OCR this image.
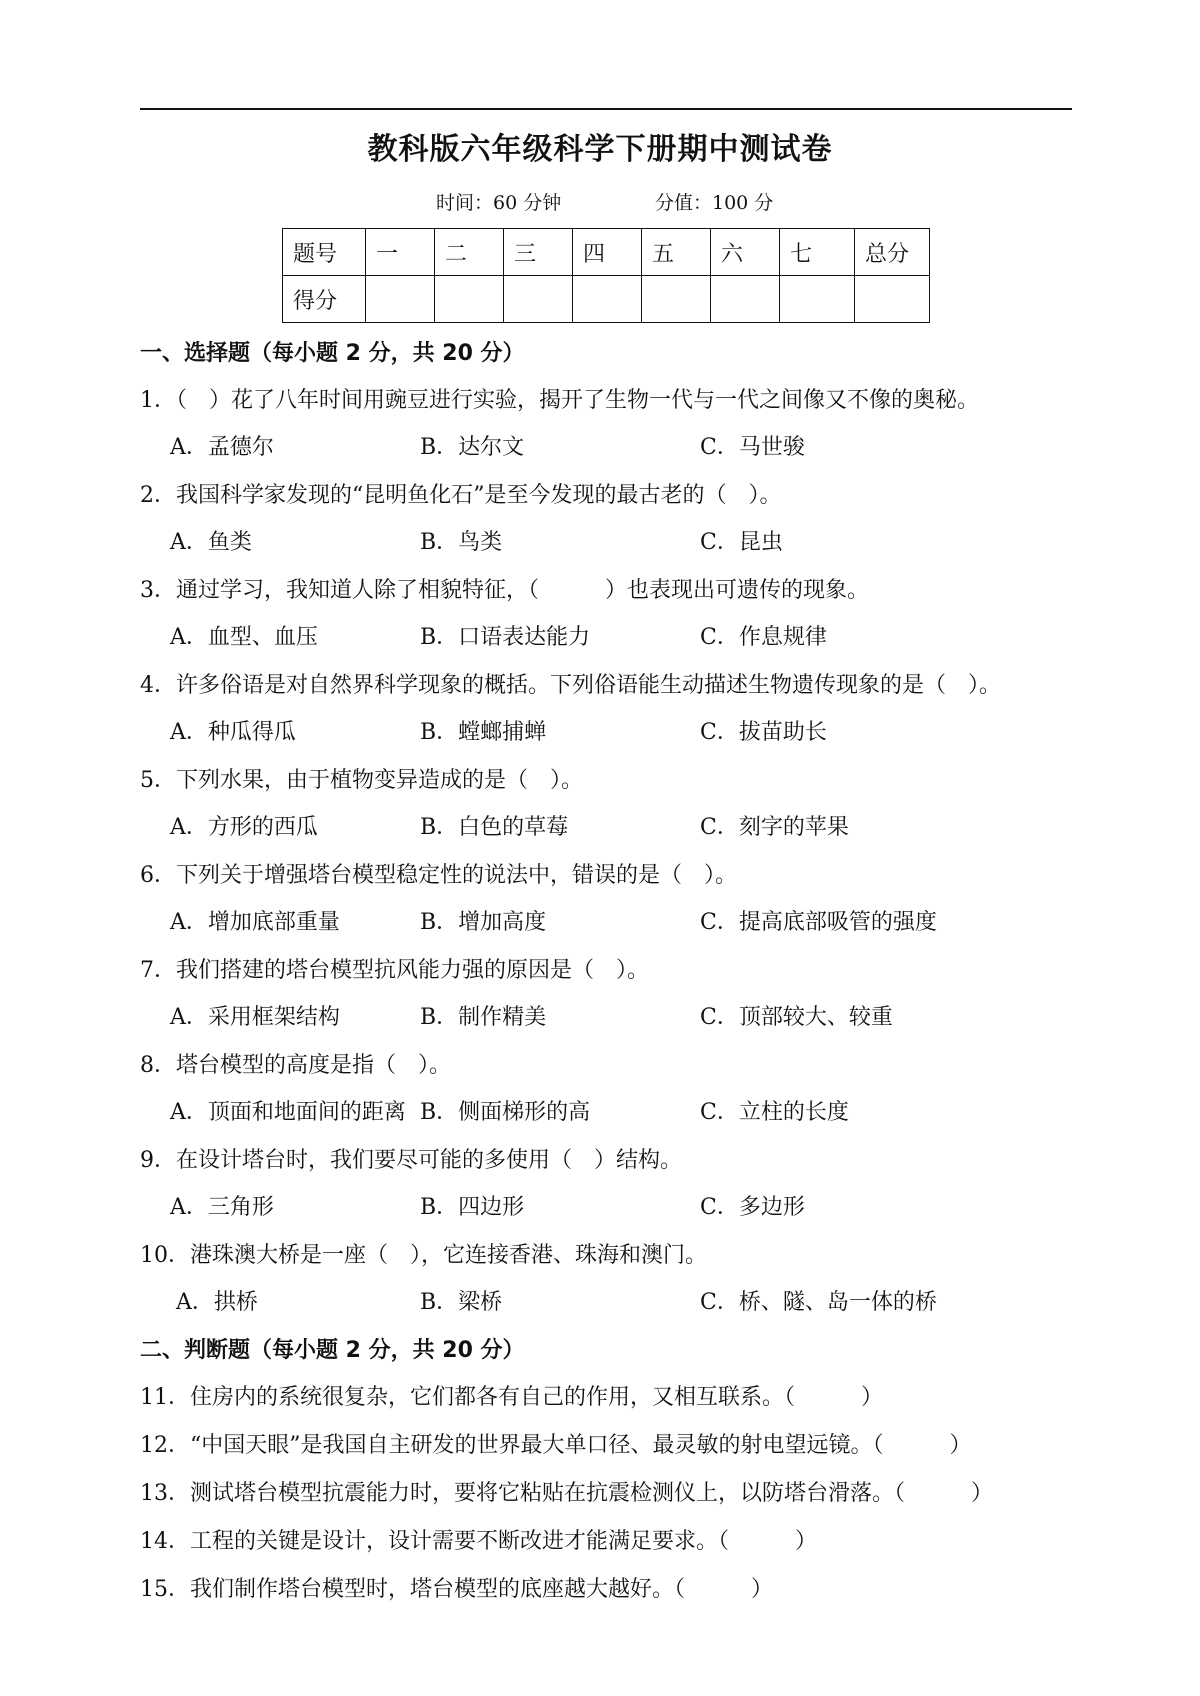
教科版六年级科学下册期中测试卷
时间：60 分钟	分值：100 分
题号	一	二	三	四	五	六	七	总分
得分								
一、选择题（每小题 2 分，共 20 分）
1．（　）花了八年时间用豌豆进行实验，揭开了生物一代与一代之间像又不像的奥秘。
A．孟德尔	B．达尔文	C．马世骏
2．我国科学家发现的“昆明鱼化石”是至今发现的最古老的（　）。
A．鱼类	B．鸟类	C．昆虫
3．通过学习，我知道人除了相貌特征，（　　　）也表现出可遗传的现象。
A．血型、血压	B．口语表达能力	C．作息规律
4．许多俗语是对自然界科学现象的概括。下列俗语能生动描述生物遗传现象的是（　）。
A．种瓜得瓜	B．螳螂捕蝉	C．拔苗助长
5．下列水果，由于植物变异造成的是（　）。
A．方形的西瓜	B．白色的草莓	C．刻字的苹果
6．下列关于增强塔台模型稳定性的说法中，错误的是（　）。
A．增加底部重量	B．增加高度	C．提高底部吸管的强度
7．我们搭建的塔台模型抗风能力强的原因是（　）。
A．采用框架结构	B．制作精美	C．顶部较大、较重
8．塔台模型的高度是指（　）。
A．顶面和地面间的距离 B．侧面梯形的高	C．立柱的长度
9．在设计塔台时，我们要尽可能的多使用（　）结构。
A．三角形	B．四边形	C．多边形
10．港珠澳大桥是一座（　），它连接香港、珠海和澳门。
A．拱桥	B．梁桥	C．桥、隧、岛一体的桥
二、判断题（每小题 2 分，共 20 分）
11．住房内的系统很复杂，它们都各有自己的作用，又相互联系。（　　　）
12．“中国天眼”是我国自主研发的世界最大单口径、最灵敏的射电望远镜。（　　　）
13．测试塔台模型抗震能力时，要将它粘贴在抗震检测仪上，以防塔台滑落。（　　　）
14．工程的关键是设计，设计需要不断改进才能满足要求。（　　　）
15．我们制作塔台模型时，塔台模型的底座越大越好。（　　　）
